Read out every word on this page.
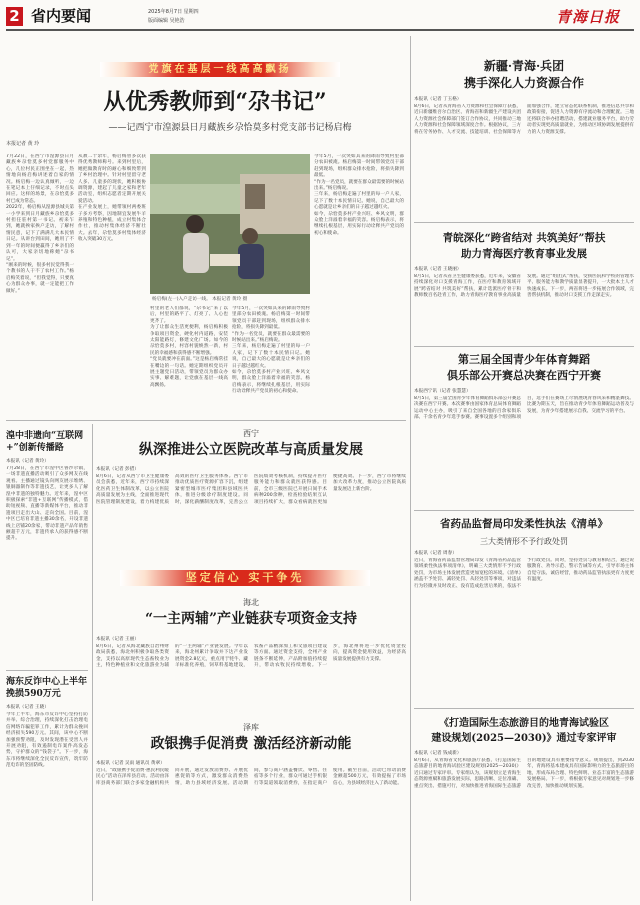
2 省内要闻	2025年8月7日 星期四
版面编辑 吴艳浩	青海日报
党旗在基层一线高高飘扬
从优秀教师到“尕书记”
——记西宁市湟源县日月藏族乡尕恰莫多村党支部书记杨启梅
本报记者 黄 玲
7月22日，在西宁市湟源县日月藏族乡尕恰莫多村党群服务中心，几位村民正围坐在一起，热情地向杨启梅讲述着自家的情况。杨启梅一边认真倾听，一边在笔记本上仔细记录，不时点头回应。这样的场景，在尕恰莫多村已成为常态。
2022年，杨启梅从湟源县城关第一小学来到日月藏族乡尕恰莫多村担任驻村第一书记。初来乍到，她就挨家挨户走访，了解村情民意，记下了满满几大本民情日记。从讲台到田间，她用了不到一年的时间便赢得了乡亲们的认可，大家亲切地称她“尕书记”。
“刚来的时候，很多村民觉得我一个教书的人干不了农村工作。”杨启梅笑着说，“但我觉得，只要真心为群众办事，就一定能把工作做好。”
从教二十余年，杨启梅曾多次获得优秀教师称号。来到村里后，她把做教育时的耐心和细致带到了乡村治理中。针对村里留守老人多、儿童多的现状，她积极协调资源，建起了儿童之家和老年活动室，组织志愿者定期开展关爱活动。
在产业发展上，她带领村两委班子多方考察，因地制宜发展牛羊养殖和特色种植，成立村集体合作社，推动村集体经济不断壮大。去年，尕恰莫多村集体经济收入突破30万元。
杨启梅(左一)入户走访一线。 本报记者 黄玲 摄
村里的老人们都说，“尕书记”来了以后，村里的路平了、灯亮了、人心也更齐了。
为了让群众生活更便利，杨启梅积极争取项目资金，硬化村内道路，安装太阳能路灯，修建文化广场。如今的尕恰莫多村，村容村貌焕然一新，村民的幸福感和获得感不断增强。
“党员就要冲在前面。”这是杨启梅常挂在嘴边的一句话。她定期组织党员开展主题党日活动，带领党员为群众办实事、解难题，让党旗在基层一线高高飘扬。
今年5月，一次突如其来的降雨导致村里部分农田被淹。杨启梅第一时间带领党员干部赶到现场，组织群众排水抢险，将损失降到最低。
“作为一名党员，就要在群众最需要的时候站出来。”杨启梅说。
三年来，杨启梅走遍了村里的每一户人家，记下了数十本民情日记。她说，自己最大的心愿就是让乡亲们的日子越过越红火。
如今，尕恰莫多村产业兴旺、乡风文明，群众脸上洋溢着幸福的笑容。杨启梅表示，将继续扎根基层，用实际行动诠释共产党员的初心和使命。
今年5月，一次突如其来的降雨导致村里部分农田被淹。杨启梅第一时间带领党员干部赶到现场，组织群众排水抢险，将损失降到最低。
“作为一名党员，就要在群众最需要的时候站出来。”杨启梅说。
三年来，杨启梅走遍了村里的每一户人家，记下了数十本民情日记。她说，自己最大的心愿就是让乡亲们的日子越过越红火。
如今，尕恰莫多村产业兴旺、乡风文明，群众脸上洋溢着幸福的笑容。杨启梅表示，将继续扎根基层，用实际行动诠释共产党员的初心和使命。
湟中非遗向“互联网+”创新传播路
本报讯（记者 黄玲）
7月28日，在西宁市湟中区鲁沙尔镇，一场非遗直播活动吸引了众多网友在线观看。主播通过镜头向网友展示堆绣、银铜器制作等非遗技艺，让更多人了解湟中非遗的独特魅力。近年来，湟中区积极探索“非遗+互联网”传播模式，借助短视频、直播等新媒体平台，推动非遗项目走出大山、走向全国。目前，湟中区已培育非遗主播30余名，开设非遗线上店铺20余家，带动非遗产品年销售额超千万元，非遗传承人的获得感不断提升。
海东反诈中心上半年挽损590万元
本报讯（记者 王晓）
今年上半年，海东市反诈中心坚持打防并举、综合治理，持续深化打击治理电信网络诈骗犯罪工作，累计为群众挽回经济损失590万元。其间，该中心不断加强预警劝阻，及时发现潜在受害人并开展劝阻，有效遏制电诈案件高发态势，守护群众的“钱袋子”。下一步，海东市将继续深化全民反诈宣传，筑牢防范电诈的坚固防线。
西宁
纵深推进公立医院改革与高质量发展
本报讯（记者 彭措）
8月6日，记者从西宁市卫生健康委员会获悉，近年来，西宁市持续深化医药卫生体制改革，以公立医院高质量发展为主线，全面推进现代医院管理制度建设，着力构建优质高效的医疗卫生服务体系。西宁市推动优质医疗资源扩容下沉，组建紧密型城市医疗集团和县域医共体，推进分级诊疗制度建设。同时，深化薪酬制度改革，完善公立医院绩效考核机制，持续提升医疗服务能力和群众就医获得感。目前，全市三级医院已开展日间手术病种200余种，检查检验结果互认项目持续扩大，群众看病就医更加便捷高效。下一步，西宁市将继续加大改革力度，推动公立医院高质量发展迈上新台阶。
坚定信心 实干争先
海北
“一主两辅”产业链获专项资金支持
本报讯（记者 王丽）
8月6日，记者从海北藏族自治州财政局获悉，海北州积极争取各类资金，支持以高原现代生态畜牧业为主，特色种植业和文化旅游业为辅的“一主两辅”产业链发展。今年以来，海北州累计争取并下达产业发展资金2.8亿元，重点用于牦牛、藏羊标准化养殖，饲草料基地建设，农畜产品精深加工和文旅项目建设等方面。通过资金支持，全州产业链条不断延伸，产品附加值持续提升，带动农牧民持续增收。下一步，海北州将进一步优化资金投向，提高资金使用效益，为经济高质量发展提供有力支撑。
泽库
政银携手促消费 激活经济新动能
本报讯（记者 吴雨 通讯员 黄翠）
近日，“政银携手促消费·惠民利民暖民心”活动在泽库县启动。活动由泽库县商务部门联合多家金融机构共同开展，通过发放消费券、开展优惠促销等方式，激发群众消费热情，助力县域经济发展。活动期间，参与商户涵盖餐饮、零售、住宿等多个行业，群众可通过手机银行等渠道领取消费券，在指定商户使用。截至目前，活动已带动消费金额超500万元，有效提振了市场信心，为县域经济注入了新动能。
新疆·青海·兵团
携手深化人力资源合作
本报讯（记者 丁玉格）
8月6日，记者从青海省人力资源和社会保障厅获悉，近日新疆维吾尔自治区、青海省和新疆生产建设兵团人力资源社会保障部门签订合作协议，共同推动三地人力资源和社会保障领域深度合作。根据协议，三方将在劳务协作、人才交流、技能培训、社会保障等方面加强合作，建立常态化联系机制，推进信息共享和政策衔接，促进人力资源有序流动和合理配置。三地还将联合举办招聘活动，搭建就业服务平台，助力劳动者实现更高质量就业，为推动区域协调发展提供有力的人力资源支撑。
青皖深化“跨省结对 共筑美好”帮扶
助力青海医疗教育事业发展
本报讯（记者 王晓丽）
8月5日，记者从省卫生健康委获悉，近年来，安徽省持续深化对口支援青海工作，在医疗和教育领域开展“跨省结对 共筑美好”帮扶，累计选派医疗骨干和教师数百名赴青工作，助力青海医疗教育事业高质量发展。通过“组团式”帮扶，受援医院和学校的管理水平、服务能力和教学质量显著提升，一大批本土人才快速成长。下一步，两省将进一步拓展合作领域，完善帮扶机制，推动对口支援工作走深走实。
第三届全国青少年体育舞蹈
俱乐部公开赛总决赛在西宁开赛
本报西宁讯（记者 张慧慧）
8月5日，第三届全国青少年体育舞蹈俱乐部公开赛总决赛在西宁开赛。本次赛事由国家体育总局体育舞蹈运动中心主办，吸引了来自全国各地的百余家俱乐部、千余名青少年选手参赛。赛事设置多个组别和项目，选手们在赛场上尽情展现青春风采和精湛舞技。比赛为期五天，旨在推动青少年体育舞蹈运动普及与发展，为青少年搭建展示自我、交流学习的平台。
省药品监督局印发柔性执法《清单》
三大类情形不予行政处罚
本报讯（记者 周春）
近日，青海省药品监督管理局印发《青海省药品监管领域柔性执法事项清单》，明确三大类情形不予行政处罚，为市场主体发展营造更加宽松的环境。《清单》涵盖不予处罚、减轻处罚、从轻处罚等事项，对违法行为轻微并及时改正、没有造成危害后果的，依法不予行政处罚。同时，坚持处罚与教育相结合，通过说服教育、劝导示范、警示告诫等方式，引导市场主体自觉守法、诚信经营，推动药品监管执法更有力度更有温度。
《打造国际生态旅游目的地青海试验区
建设规划(2025—2030)》通过专家评审
本报讯（记者 钱成新）
8月6日，从青海省文化和旅游厅获悉，《打造国际生态旅游目的地青海试验区建设规划(2025—2030)》近日通过专家评审。专家组认为，该规划立足青海生态资源禀赋和旅游发展实际，思路清晰、定位准确、重点突出、措施可行，对加快推进青海国际生态旅游目的地建设具有重要指导意义。规划提出，到2030年，青海将基本建成具有国际影响力的生态旅游目的地，形成布局合理、特色鲜明、业态丰富的生态旅游发展格局。下一步，将根据专家意见对规划进一步修改完善，加快推动规划实施。
